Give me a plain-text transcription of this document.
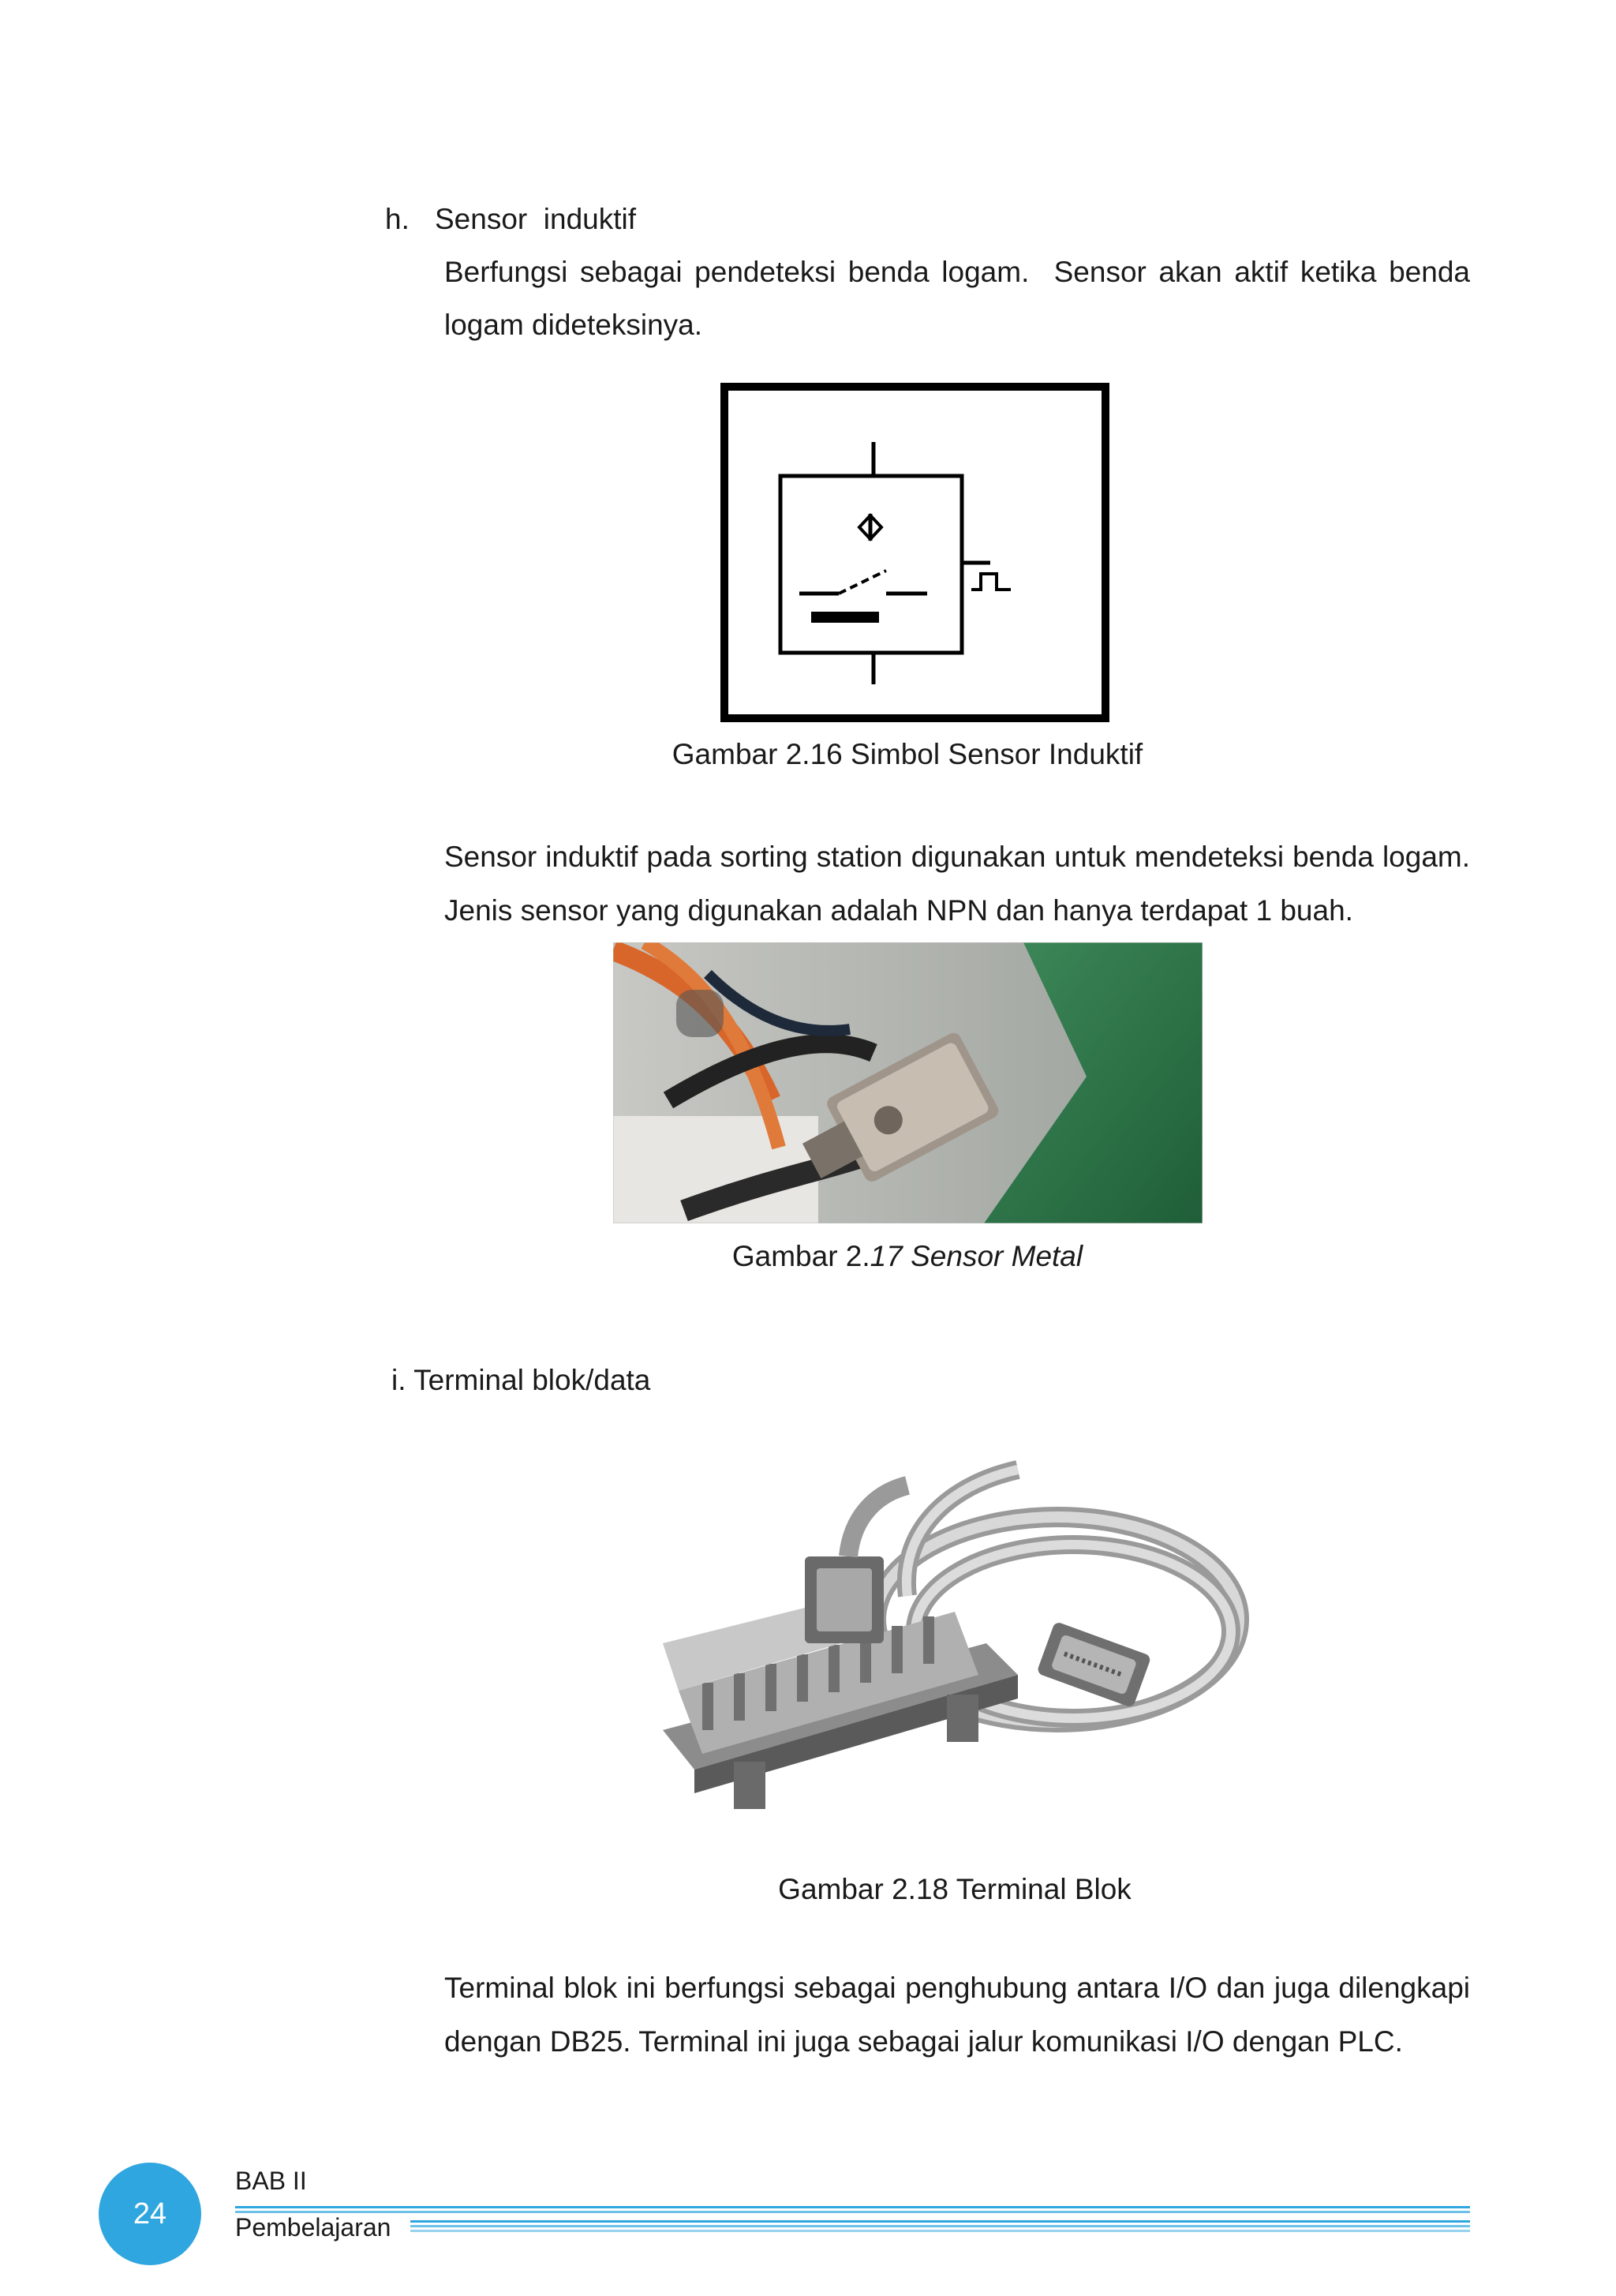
h. Sensor  induktif
Berfungsi sebagai pendeteksi benda logam.  Sensor akan aktif ketika benda
logam dideteksinya.
Gambar 2.16 Simbol Sensor Induktif
Sensor induktif pada sorting station digunakan untuk mendeteksi benda logam.
Jenis sensor yang digunakan adalah NPN dan hanya terdapat 1 buah.
Gambar 2.17 Sensor Metal
i. Terminal blok/data
Gambar 2.18 Terminal Blok
Terminal blok ini berfungsi sebagai penghubung antara I/O dan juga dilengkapi
dengan DB25. Terminal ini juga sebagai jalur komunikasi I/O dengan PLC.
BAB II
Pembelajaran
24
